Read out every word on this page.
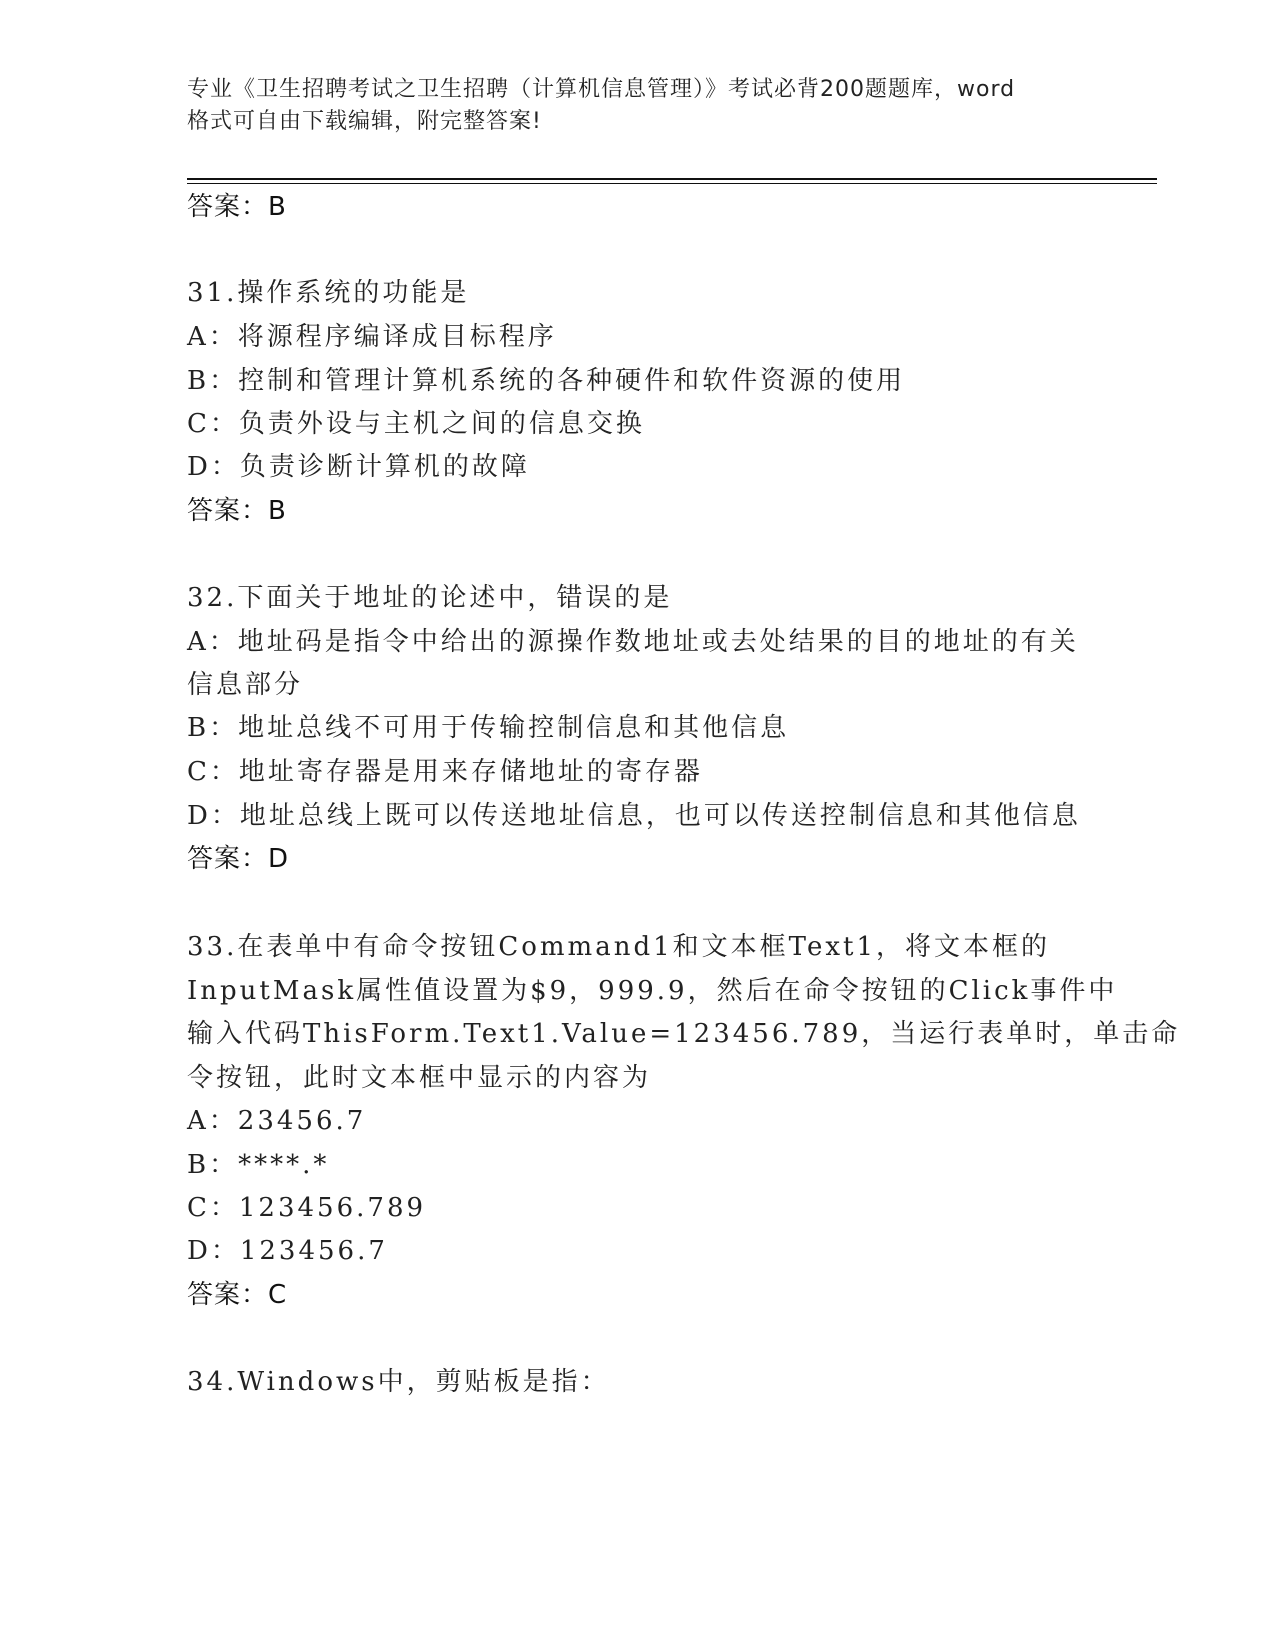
专业《卫生招聘考试之卫生招聘（计算机信息管理）》考试必背200题题库，word
格式可自由下载编辑，附完整答案!
答案：B
31.操作系统的功能是
A：将源程序编译成目标程序
B：控制和管理计算机系统的各种硬件和软件资源的使用
C：负责外设与主机之间的信息交换
D：负责诊断计算机的故障
答案：B
32.下面关于地址的论述中，错误的是
A：地址码是指令中给出的源操作数地址或去处结果的目的地址的有关
信息部分
B：地址总线不可用于传输控制信息和其他信息
C：地址寄存器是用来存储地址的寄存器
D：地址总线上既可以传送地址信息，也可以传送控制信息和其他信息
答案：D
33.在表单中有命令按钮Command1和文本框Text1，将文本框的
InputMask属性值设置为$9，999.9，然后在命令按钮的Click事件中
输入代码ThisForm.Text1.Value=123456.789，当运行表单时，单击命
令按钮，此时文本框中显示的内容为
A：23456.7
B：****.*
C：123456.789
D：123456.7
答案：C
34.Windows中，剪贴板是指：
